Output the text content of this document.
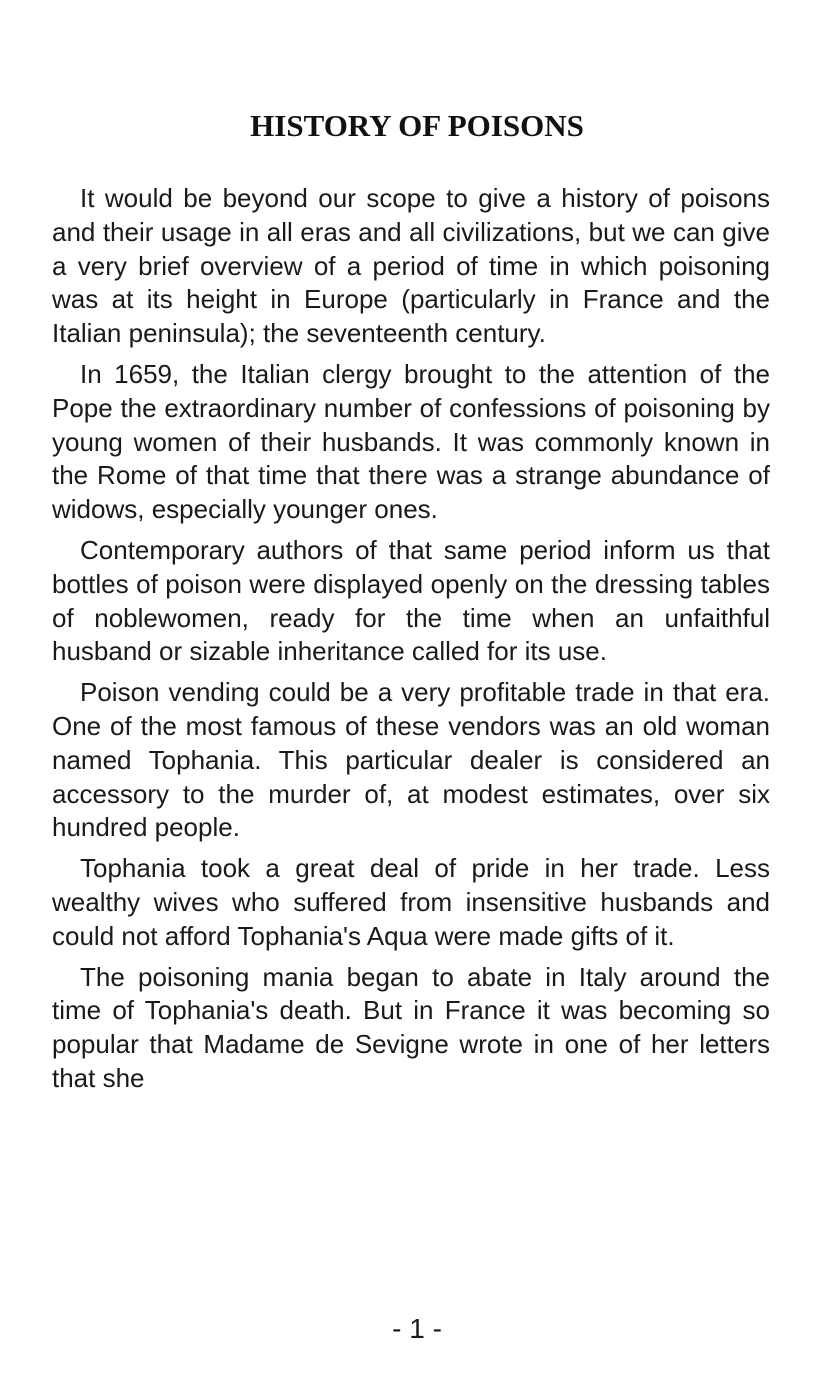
HISTORY OF POISONS

It would be beyond our scope to give a history of poisons and their usage in all eras and all civilizations, but we can give a very brief overview of a period of time in which poisoning was at its height in Europe (particularly in France and the Italian peninsula); the seventeenth century.

In 1659, the Italian clergy brought to the attention of the Pope the extraordinary number of confessions of poisoning by young women of their husbands. It was commonly known in the Rome of that time that there was a strange abundance of widows, especially younger ones.

Contemporary authors of that same period inform us that bottles of poison were displayed openly on the dressing tables of noblewomen, ready for the time when an unfaithful husband or sizable inheritance called for its use.

Poison vending could be a very profitable trade in that era. One of the most famous of these vendors was an old woman named Tophania. This particular dealer is considered an accessory to the murder of, at modest estimates, over six hundred people.

Tophania took a great deal of pride in her trade. Less wealthy wives who suffered from insensitive husbands and could not afford Tophania's Aqua were made gifts of it.

The poisoning mania began to abate in Italy around the time of Tophania's death. But in France it was becoming so popular that Madame de Sevigne wrote in one of her letters that she

- 1 -
